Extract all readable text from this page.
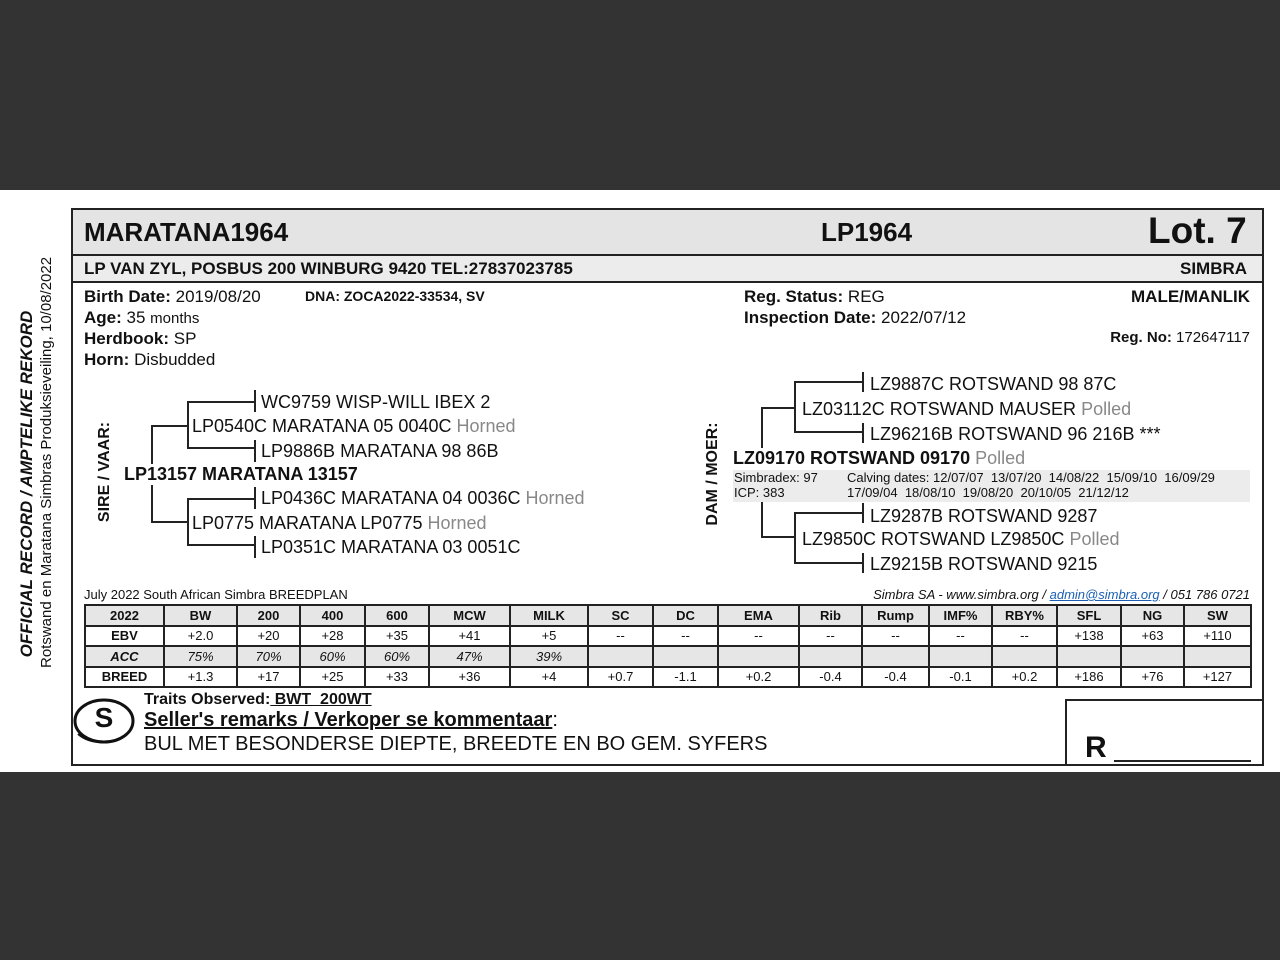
OFFICIAL RECORD / AMPTELIKE REKORD Rotswand en Maratana Simbras Produksieveiling, 10/08/2022
MARATANA1964	LP1964	Lot. 7
LP VAN ZYL, POSBUS 200 WINBURG 9420 TEL:27837023785	SIMBRA
Birth Date: 2019/08/20	DNA: ZOCA2022-33534, SV
Age: 35 months
Herdbook: SP
Horn: Disbudded
Reg. Status: REG
Inspection Date: 2022/07/12
MALE/MANLIK
Reg. No: 172647117
SIRE / VAAR:
WC9759 WISP-WILL IBEX 2
LP0540C MARATANA 05 0040C Horned
LP9886B MARATANA 98 86B
LP13157 MARATANA 13157
LP0436C MARATANA 04 0036C Horned
LP0775 MARATANA LP0775 Horned
LP0351C MARATANA 03 0051C
DAM / MOER:
LZ9887C ROTSWAND 98 87C
LZ03112C ROTSWAND MAUSER Polled
LZ96216B ROTSWAND 96 216B ***
LZ09170 ROTSWAND 09170 Polled
Simbradex: 97
ICP: 383
Calving dates: 12/07/07  13/07/20  14/08/22  15/09/10  16/09/29
17/09/04  18/08/10  19/08/20  20/10/05  21/12/12
LZ9287B ROTSWAND 9287
LZ9850C ROTSWAND LZ9850C Polled
LZ9215B ROTSWAND 9215
July 2022 South African Simbra BREEDPLAN	Simbra SA - www.simbra.org / admin@simbra.org / 051 786 0721
2022	BW	200	400	600	MCW	MILK	SC	DC	EMA	Rib	Rump	IMF%	RBY%	SFL	NG	SW
EBV	+2.0	+20	+28	+35	+41	+5	--	--	--	--	--	--	--	+138	+63	+110
ACC	75%	70%	60%	60%	47%	39%										
BREED	+1.3	+17	+25	+33	+36	+4	+0.7	-1.1	+0.2	-0.4	-0.4	-0.1	+0.2	+186	+76	+127
S
Traits Observed: BWT  200WT
Seller's remarks / Verkoper se kommentaar:
BUL MET BESONDERSE DIEPTE, BREEDTE EN BO GEM. SYFERS	R
